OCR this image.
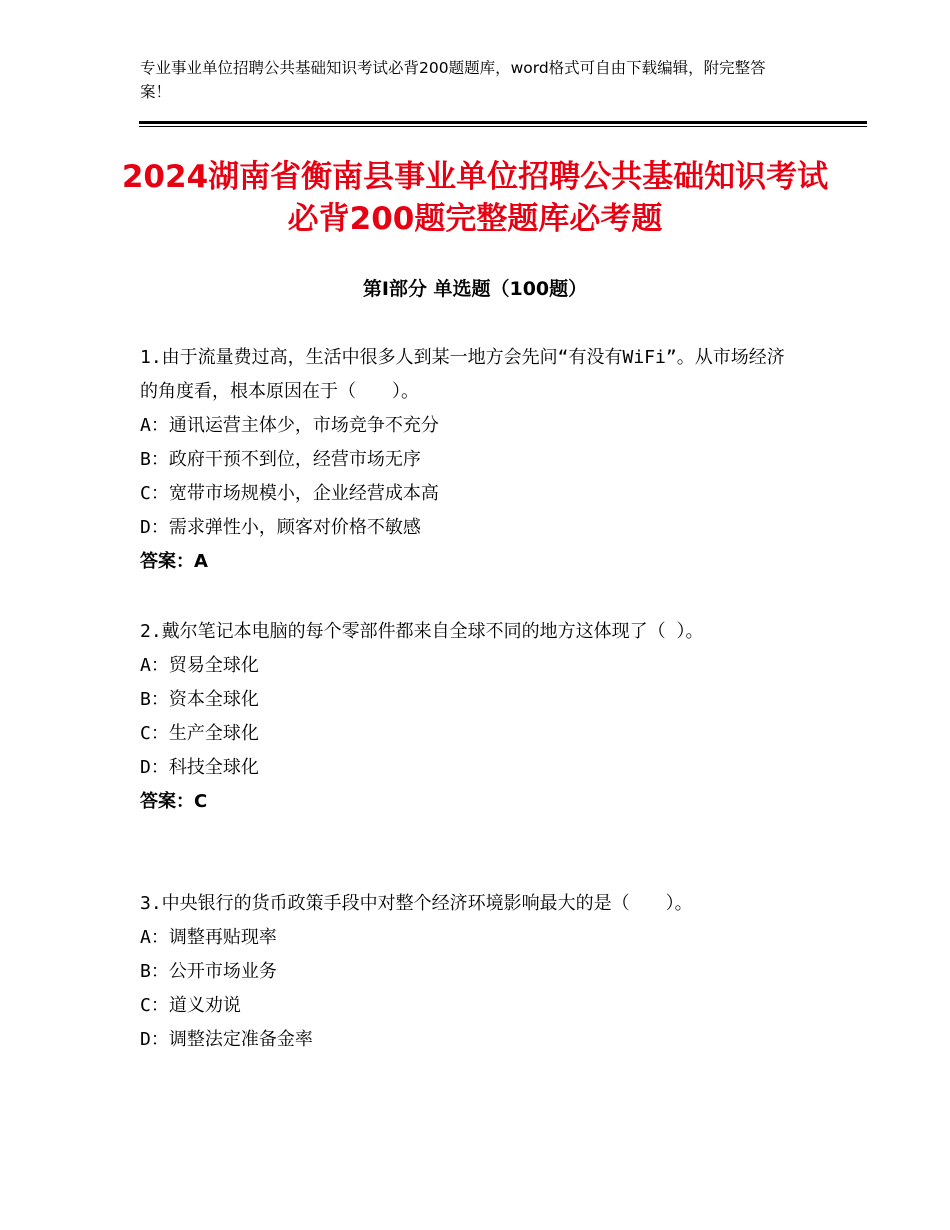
专业事业单位招聘公共基础知识考试必背200题题库，word格式可自由下载编辑，附完整答案！
2024湖南省衡南县事业单位招聘公共基础知识考试必背200题完整题库必考题
第Ⅰ部分 单选题（100题）

1.由于流量费过高，生活中很多人到某一地方会先问“有没有WiFi”。从市场经济的角度看，根本原因在于（　　）。

A：通讯运营主体少，市场竞争不充分

B：政府干预不到位，经营市场无序

C：宽带市场规模小，企业经营成本高

D：需求弹性小，顾客对价格不敏感

答案：A

2.戴尔笔记本电脑的每个零部件都来自全球不同的地方这体现了（ ）。

A：贸易全球化

B：资本全球化

C：生产全球化

D：科技全球化

答案：C

3.中央银行的货币政策手段中对整个经济环境影响最大的是（　　）。

A：调整再贴现率

B：公开市场业务

C：道义劝说

D：调整法定准备金率
